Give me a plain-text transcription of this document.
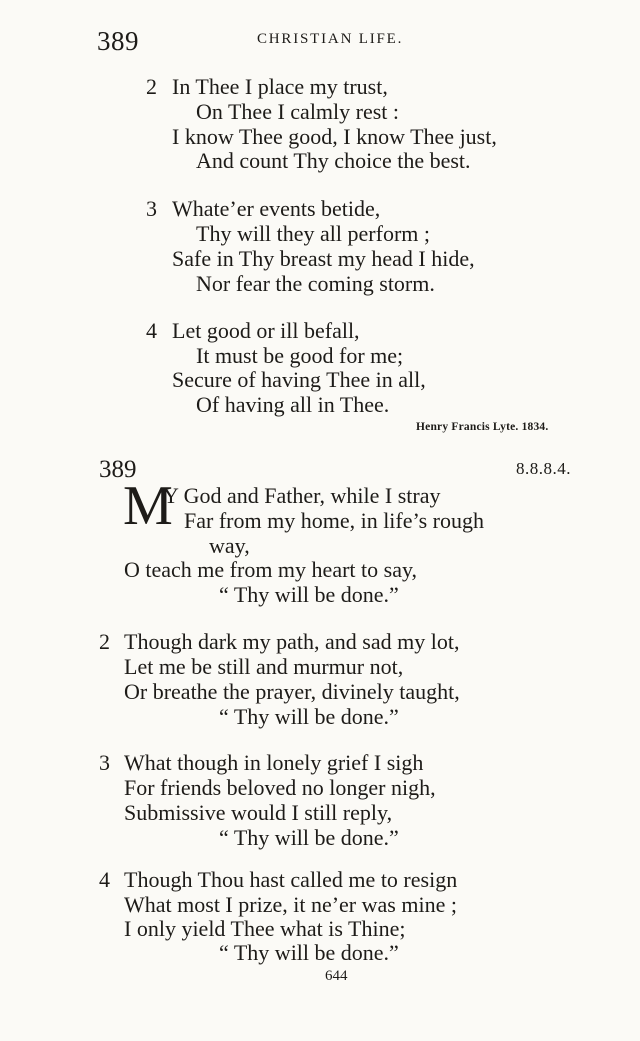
389	CHRISTIAN LIFE.
2 In Thee I place my trust,
On Thee I calmly rest :
I know Thee good, I know Thee just,
And count Thy choice the best.
3 Whate’er events betide,
Thy will they all perform ;
Safe in Thy breast my head I hide,
Nor fear the coming storm.
4 Let good or ill befall,
It must be good for me;
Secure of having Thee in all,
Of having all in Thee.
Henry Francis Lyte. 1834.
389	8.8.8.4.
M
Y God and Father, while I stray
Far from my home, in life’s rough
way,
O teach me from my heart to say,
“ Thy will be done.”
2 Though dark my path, and sad my lot,
Let me be still and murmur not,
Or breathe the prayer, divinely taught,
“ Thy will be done.”
3 What though in lonely grief I sigh
For friends beloved no longer nigh,
Submissive would I still reply,
“ Thy will be done.”
4 Though Thou hast called me to resign
What most I prize, it ne’er was mine ;
I only yield Thee what is Thine;
“ Thy will be done.”
644
